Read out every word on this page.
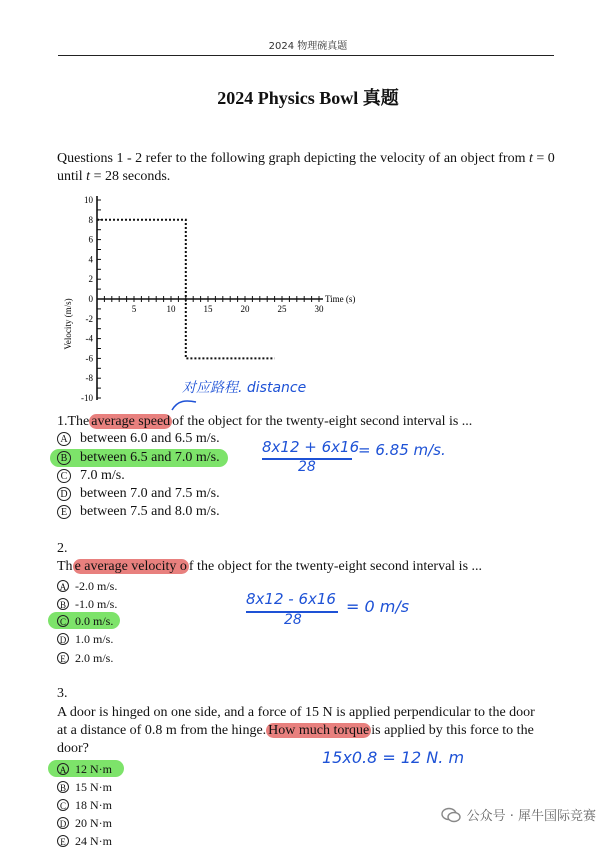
2024 物理碗真题
2024 Physics Bowl 真题
Questions 1 - 2 refer to the following graph depicting the velocity of an object from t = 0 until t = 28 seconds.
5	10	15	20	25	30
10
8
6
4
2
0
-2
-4
-6
-8
-10
Time (s)
Velocity (m/s)
对应路程. distance
1.The average speed of the object for the twenty-eight second interval is ...
A between 6.0 and 6.5 m/s.
B between 6.5 and 7.0 m/s.
C 7.0 m/s.
D between 7.0 and 7.5 m/s.
E between 7.5 and 8.0 m/s.
8x12 + 6x16
28
= 6.85 m/s.
2.
Th e average velocity o f the object for the twenty-eight second interval is ...
A -2.0 m/s.
B -1.0 m/s.
C 0.0 m/s.
D 1.0 m/s.
E 2.0 m/s.
8x12 - 6x16
28
= 0 m/s
3.
A door is hinged on one side, and a force of 15 N is applied perpendicular to the door
at a distance of 0.8 m from the hinge. How much torque is applied by this force to the
door?
A 12 N·m
B 15 N·m
C 18 N·m
D 20 N·m
E 24 N·m
15x0.8 = 12 N. m
公众号 · 犀牛国际竞赛
